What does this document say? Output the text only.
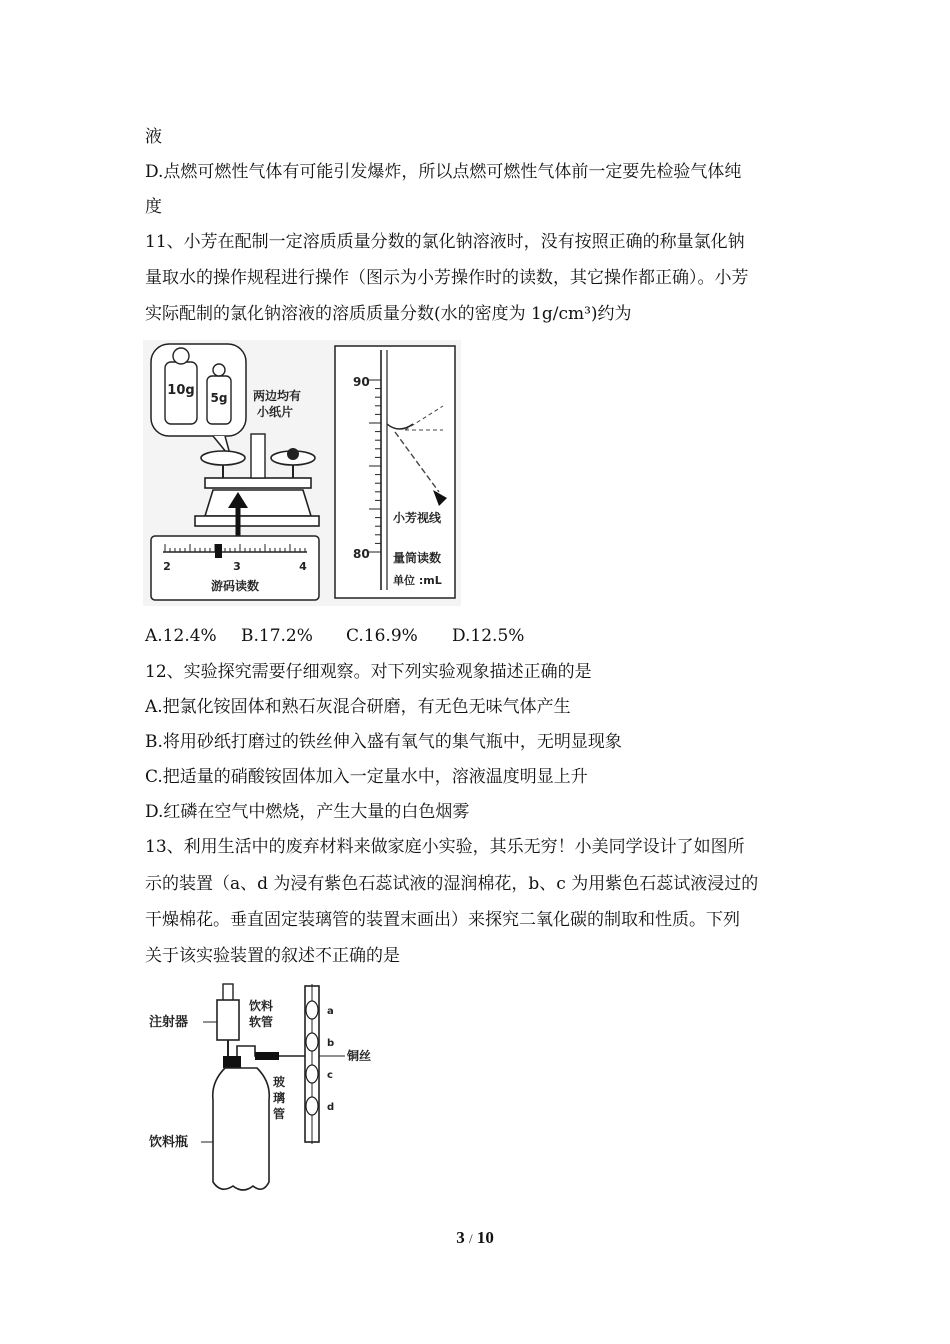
液
D.点燃可燃性气体有可能引发爆炸，所以点燃可燃性气体前一定要先检验气体纯
度
11、小芳在配制一定溶质质量分数的氯化钠溶液时，没有按照正确的称量氯化钠
量取水的操作规程进行操作（图示为小芳操作时的读数，其它操作都正确）。小芳
实际配制的氯化钠溶液的溶质质量分数(水的密度为 1g/cm³)约为
10g 5g 两边均有
小纸片
2	3	4
游码读数
90
80
小芳视线
量筒读数
单位 :mL
A.12.4% B.17.2% C.16.9% D.12.5%
12、实验探究需要仔细观察。对下列实验观象描述正确的是
A.把氯化铵固体和熟石灰混合研磨，有无色无味气体产生
B.将用砂纸打磨过的铁丝伸入盛有氧气的集气瓶中，无明显现象
C.把适量的硝酸铵固体加入一定量水中，溶液温度明显上升
D.红磷在空气中燃烧，产生大量的白色烟雾
13、利用生活中的废弃材料来做家庭小实验，其乐无穷！小美同学设计了如图所
示的装置（a、d 为浸有紫色石蕊试液的湿润棉花，b、c 为用紫色石蕊试液浸过的
干燥棉花。垂直固定装璃管的装置末画出）来探究二氧化碳的制取和性质。下列
关于该实验装置的叙述不正确的是
注射器
饮料瓶
饮料
软管
玻
璃
管
a
b
c
d
铜丝
3 / 10
